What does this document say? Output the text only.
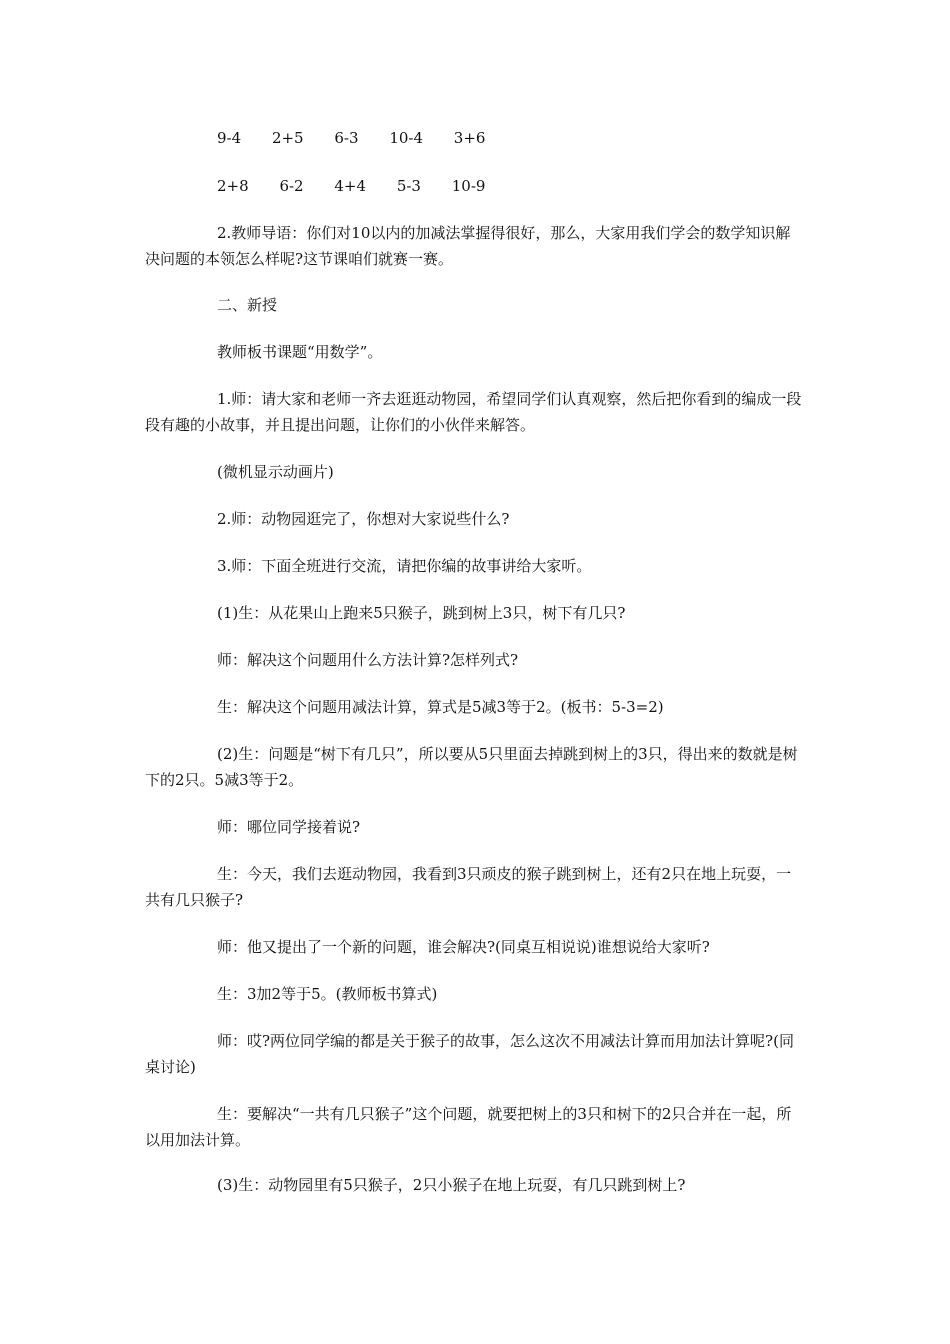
9-4 2+5 6-3 10-4 3+6
2+8 6-2 4+4 5-3 10-9
2.教师导语：你们对10以内的加减法掌握得很好，那么，大家用我们学会的数学知识解决问题的本领怎么样呢?这节课咱们就赛一赛。
二、新授
教师板书课题“用数学”。
1.师：请大家和老师一齐去逛逛动物园，希望同学们认真观察，然后把你看到的编成一段段有趣的小故事，并且提出问题，让你们的小伙伴来解答。
(微机显示动画片)
2.师：动物园逛完了，你想对大家说些什么?
3.师：下面全班进行交流，请把你编的故事讲给大家听。
(1)生：从花果山上跑来5只猴子，跳到树上3只，树下有几只?
师：解决这个问题用什么方法计算?怎样列式?
生：解决这个问题用减法计算，算式是5减3等于2。(板书：5-3=2)
(2)生：问题是“树下有几只”，所以要从5只里面去掉跳到树上的3只，得出来的数就是树下的2只。5减3等于2。
师：哪位同学接着说?
生：今天，我们去逛动物园，我看到3只顽皮的猴子跳到树上，还有2只在地上玩耍，一共有几只猴子?
师：他又提出了一个新的问题，谁会解决?(同桌互相说说)谁想说给大家听?
生：3加2等于5。(教师板书算式)
师：哎?两位同学编的都是关于猴子的故事，怎么这次不用减法计算而用加法计算呢?(同桌讨论)
生：要解决“一共有几只猴子”这个问题，就要把树上的3只和树下的2只合并在一起，所以用加法计算。
(3)生：动物园里有5只猴子，2只小猴子在地上玩耍，有几只跳到树上?
